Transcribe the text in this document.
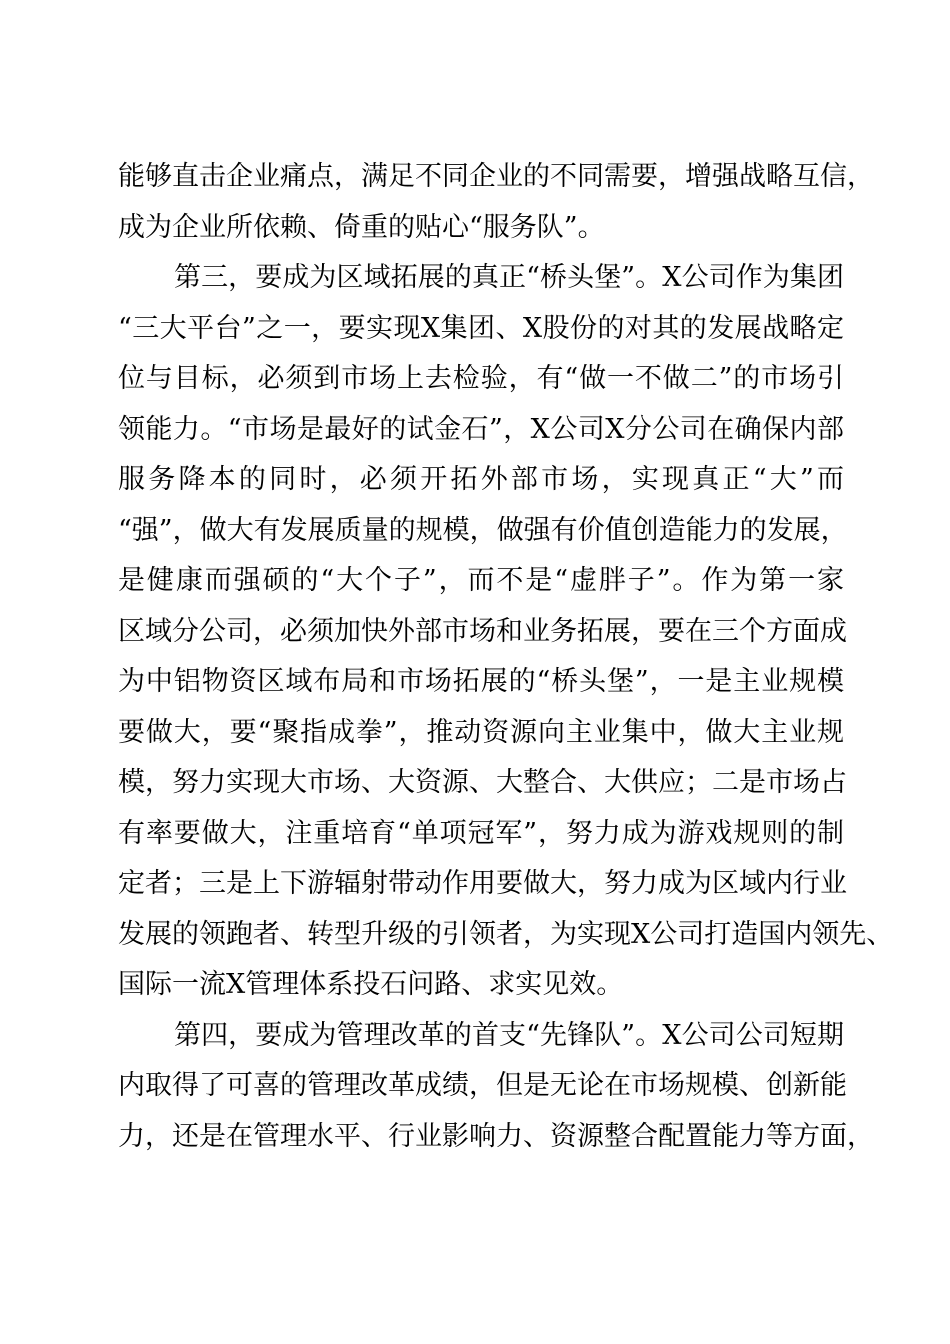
能够直击企业痛点，满足不同企业的不同需要，增强战略互信，
成为企业所依赖、倚重的贴心“服务队”。
第三，要成为区域拓展的真正“桥头堡”。X公司作为集团
“三大平台”之一，要实现X集团、X股份的对其的发展战略定
位与目标，必须到市场上去检验，有“做一不做二”的市场引
领能力。“市场是最好的试金石”，X公司X分公司在确保内部
服务降本的同时，必须开拓外部市场，实现真正“大”而
“强”，做大有发展质量的规模，做强有价值创造能力的发展，
是健康而强硕的“大个子”，而不是“虚胖子”。作为第一家
区域分公司，必须加快外部市场和业务拓展，要在三个方面成
为中铝物资区域布局和市场拓展的“桥头堡”，一是主业规模
要做大，要“聚指成拳”，推动资源向主业集中，做大主业规
模，努力实现大市场、大资源、大整合、大供应；二是市场占
有率要做大，注重培育“单项冠军”，努力成为游戏规则的制
定者；三是上下游辐射带动作用要做大，努力成为区域内行业
发展的领跑者、转型升级的引领者，为实现X公司打造国内领先、
国际一流X管理体系投石问路、求实见效。
第四，要成为管理改革的首支“先锋队”。X公司公司短期
内取得了可喜的管理改革成绩，但是无论在市场规模、创新能
力，还是在管理水平、行业影响力、资源整合配置能力等方面，
